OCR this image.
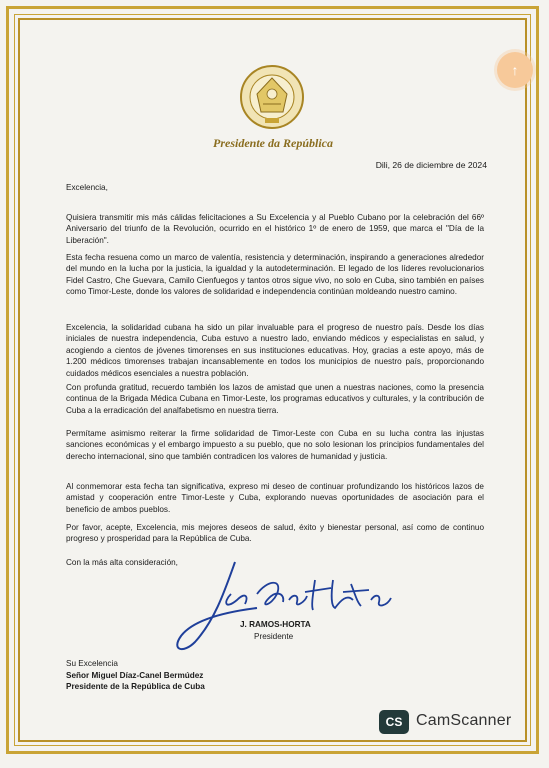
Presidente da República
Dili, 26 de diciembre de 2024
Excelencia,
Quisiera transmitir mis más cálidas felicitaciones a Su Excelencia y al Pueblo Cubano por la celebración del 66º Aniversario del triunfo de la Revolución, ocurrido en el histórico 1º de enero de 1959, que marca el "Día de la Liberación".
Esta fecha resuena como un marco de valentía, resistencia y determinación, inspirando a generaciones alrededor del mundo en la lucha por la justicia, la igualdad y la autodeterminación. El legado de los líderes revolucionarios Fidel Castro, Che Guevara, Camilo Cienfuegos y tantos otros sigue vivo, no solo en Cuba, sino también en países como Timor-Leste, donde los valores de solidaridad e independencia continúan moldeando nuestro camino.
Excelencia, la solidaridad cubana ha sido un pilar invaluable para el progreso de nuestro país. Desde los días iniciales de nuestra independencia, Cuba estuvo a nuestro lado, enviando médicos y especialistas en salud, y acogiendo a cientos de jóvenes timorenses en sus instituciones educativas. Hoy, gracias a este apoyo, más de 1.200 médicos timorenses trabajan incansablemente en todos los municipios de nuestro país, proporcionando cuidados médicos esenciales a nuestra población.
Con profunda gratitud, recuerdo también los lazos de amistad que unen a nuestras naciones, como la presencia continua de la Brigada Médica Cubana en Timor-Leste, los programas educativos y culturales, y la contribución de Cuba a la erradicación del analfabetismo en nuestra tierra.
Permítame asimismo reiterar la firme solidaridad de Timor-Leste con Cuba en su lucha contra las injustas sanciones económicas y el embargo impuesto a su pueblo, que no solo lesionan los principios fundamentales del derecho internacional, sino que también contradicen los valores de humanidad y justicia.
Al conmemorar esta fecha tan significativa, expreso mi deseo de continuar profundizando los históricos lazos de amistad y cooperación entre Timor-Leste y Cuba, explorando nuevas oportunidades de asociación para el beneficio de ambos pueblos.
Por favor, acepte, Excelencia, mis mejores deseos de salud, éxito y bienestar personal, así como de continuo progreso y prosperidad para la República de Cuba.
Con la más alta consideración,
J. RAMOS-HORTA
Presidente
Su Excelencia
Señor Miguel Díaz-Canel Bermúdez
Presidente de la República de Cuba
CS CamScanner
↑
